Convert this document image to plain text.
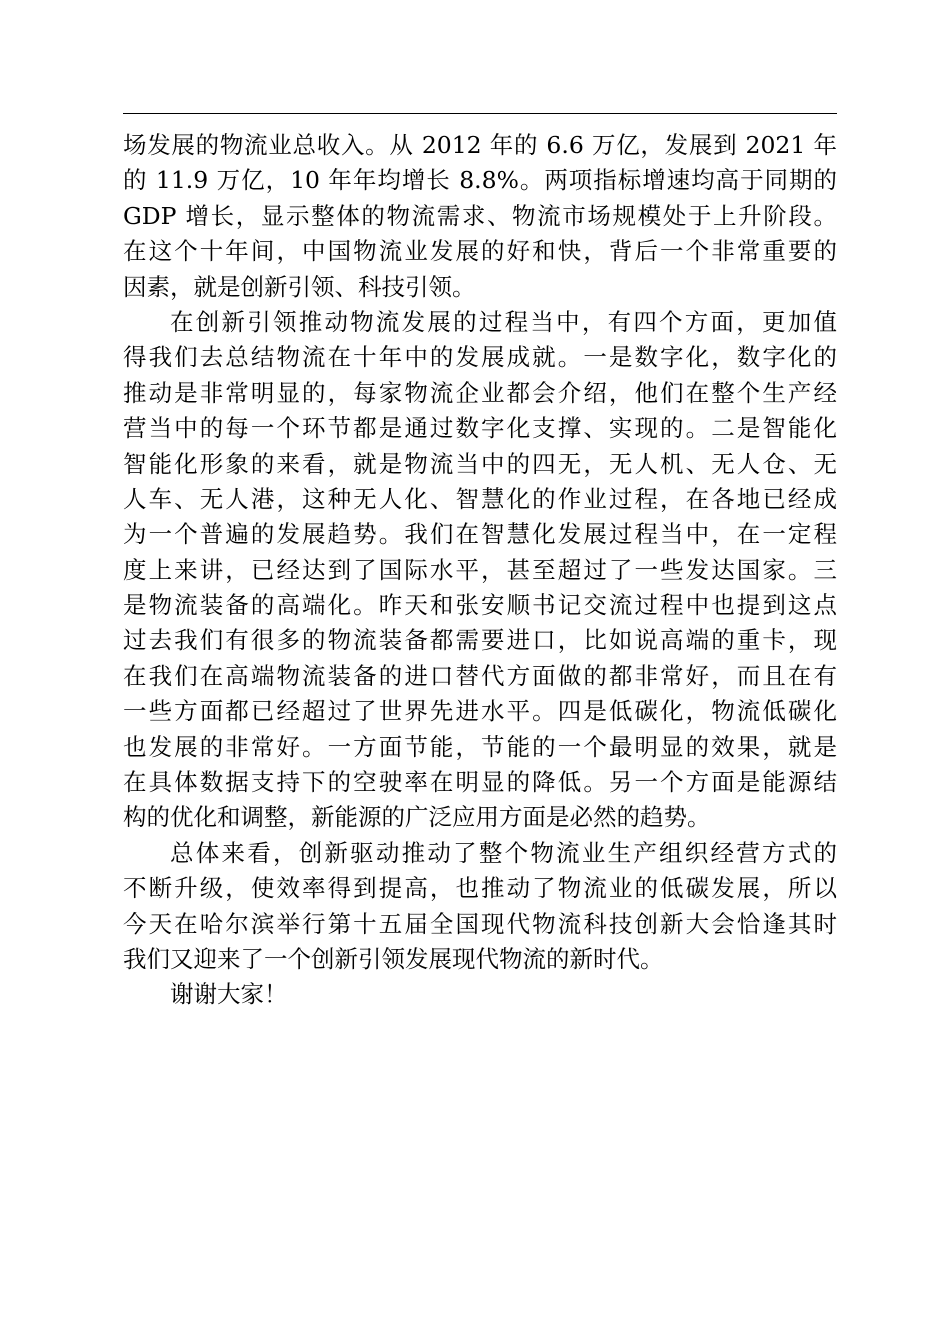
场发展的物流业总收入。从 2012 年的 6.6 万亿，发展到 2021 年
的 11.9 万亿，10 年年均增长 8.8%。两项指标增速均高于同期的
GDP 增长，显示整体的物流需求、物流市场规模处于上升阶段。
在这个十年间，中国物流业发展的好和快，背后一个非常重要的
因素，就是创新引领、科技引领。
在创新引领推动物流发展的过程当中，有四个方面，更加值
得我们去总结物流在十年中的发展成就。一是数字化，数字化的
推动是非常明显的，每家物流企业都会介绍，他们在整个生产经
营当中的每一个环节都是通过数字化支撑、实现的。二是智能化
智能化形象的来看，就是物流当中的四无，无人机、无人仓、无
人车、无人港，这种无人化、智慧化的作业过程，在各地已经成
为一个普遍的发展趋势。我们在智慧化发展过程当中，在一定程
度上来讲，已经达到了国际水平，甚至超过了一些发达国家。三
是物流装备的高端化。昨天和张安顺书记交流过程中也提到这点
过去我们有很多的物流装备都需要进口，比如说高端的重卡，现
在我们在高端物流装备的进口替代方面做的都非常好，而且在有
一些方面都已经超过了世界先进水平。四是低碳化，物流低碳化
也发展的非常好。一方面节能，节能的一个最明显的效果，就是
在具体数据支持下的空驶率在明显的降低。另一个方面是能源结
构的优化和调整，新能源的广泛应用方面是必然的趋势。
总体来看，创新驱动推动了整个物流业生产组织经营方式的
不断升级，使效率得到提高，也推动了物流业的低碳发展，所以
今天在哈尔滨举行第十五届全国现代物流科技创新大会恰逢其时
我们又迎来了一个创新引领发展现代物流的新时代。
谢谢大家！
